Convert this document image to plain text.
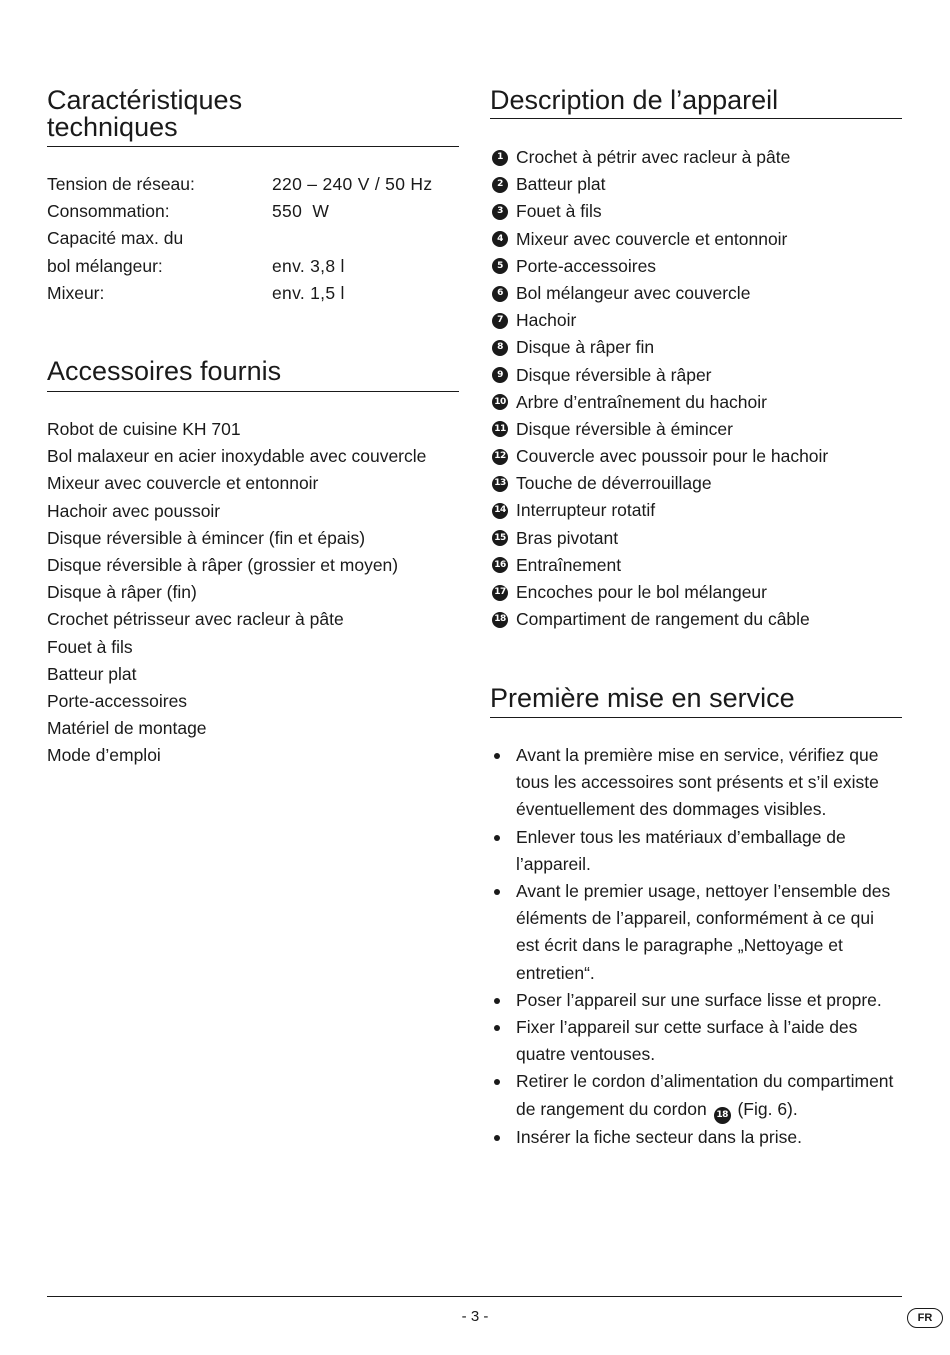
Caractéristiques
techniques
Tension de réseau:	220 – 240 V / 50 Hz
Consommation:	550  W
Capacité max. du
bol mélangeur:	env. 3,8 l
Mixeur:	env. 1,5 l
Accessoires fournis
Robot de cuisine KH 701
Bol malaxeur en acier inoxydable avec couvercle
Mixeur avec couvercle et entonnoir
Hachoir avec poussoir
Disque réversible à émincer (fin et épais)
Disque réversible à râper (grossier et moyen)
Disque à râper (fin)
Crochet pétrisseur avec racleur à pâte
Fouet à fils
Batteur plat
Porte-accessoires
Matériel de montage
Mode d’emploi
Description de l’appareil
1 Crochet à pétrir avec racleur à pâte
2 Batteur plat
3 Fouet à fils
4 Mixeur avec couvercle et entonnoir
5 Porte-accessoires
6 Bol mélangeur avec couvercle
7 Hachoir
8 Disque à râper fin
9 Disque réversible à râper
10 Arbre d’entraînement du hachoir
11 Disque réversible à émincer
12 Couvercle avec poussoir pour le hachoir
13 Touche de déverrouillage
14 Interrupteur rotatif
15 Bras pivotant
16 Entraînement
17 Encoches pour le bol mélangeur
18 Compartiment de rangement du câble
Première mise en service
Avant la première mise en service, vérifiez que
tous les accessoires sont présents et s’il existe
éventuellement des dommages visibles.
Enlever tous les matériaux d’emballage de
l’appareil.
Avant le premier usage, nettoyer l’ensemble des
éléments de l’appareil, conformément à ce qui
est écrit dans le paragraphe „Nettoyage et
entretien“.
Poser l’appareil sur une surface lisse et propre.
Fixer l’appareil sur cette surface à l’aide des
quatre ventouses.
Retirer le cordon d’alimentation du compartiment
de rangement du cordon 18 (Fig. 6).
Insérer la fiche secteur dans la prise.
- 3 -	FR
